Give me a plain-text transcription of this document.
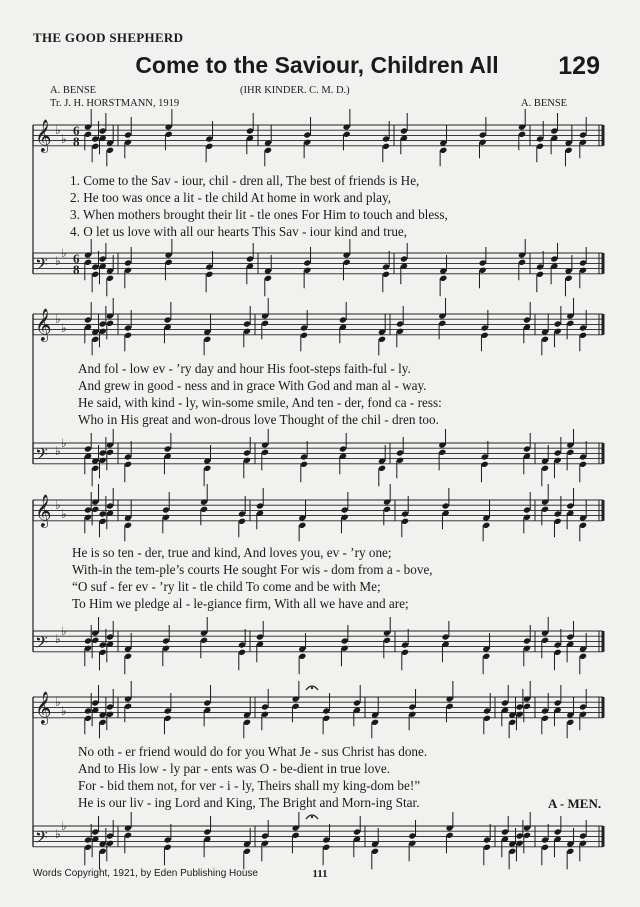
THE GOOD SHEPHERD
Come to the Saviour, Children All	129
A. BENSE	(IHR KINDER. C. M. D.)
Tr. J. H. HORSTMANN, 1919	A. BENSE
𝄞 ♭
♭
6
8
𝄢 ♭
♭ 6
8
𝄞 ♭
♭
𝄢 ♭
♭
𝄞 ♭
♭
𝄢 ♭
♭
𝄞 ♭
♭
𝄢 ♭
♭
1. Come to the Sav - iour, chil - dren all, The best of friends is He,
2. He too was once a lit - tle child At home in work and play,
3. When mothers brought their lit - tle ones For Him to touch and bless,
4. O let us love with all our hearts This Sav - iour kind and true,
And fol - low ev - ’ry day and hour His foot-steps faith-ful - ly.
And grew in good - ness and in grace With God and man al - way.
He said, with kind - ly, win-some smile, And ten - der, fond ca - ress:
Who in His great and won-drous love Thought of the chil - dren too.
He is so ten - der, true and kind, And loves you, ev - ’ry one;
With-in the tem-ple’s courts He sought For wis - dom from a - bove,
“O suf - fer ev - ’ry lit - tle child To come and be with Me;
To Him we pledge al - le-giance firm, With all we have and are;
No oth - er friend would do for you What Je - sus Christ has done.
And to His low - ly par - ents was O - be-dient in true love.
For - bid them not, for ver - i - ly, Theirs shall my king-dom be!”
He is our liv - ing Lord and King, The Bright and Morn-ing Star.	A - MEN.
Words Copyright, 1921, by Eden Publishing House	111
